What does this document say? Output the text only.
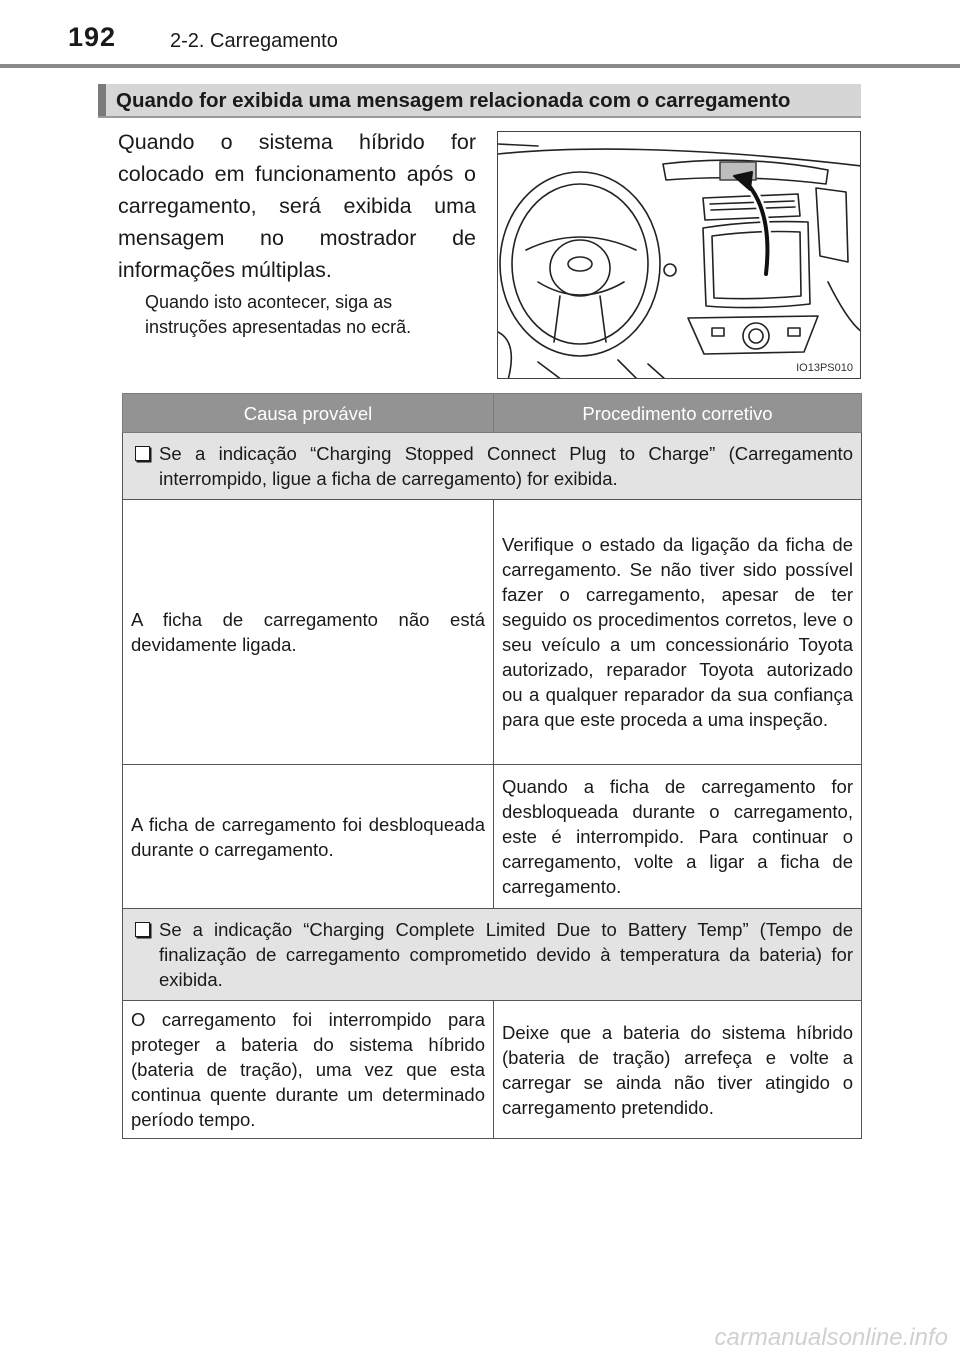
192	2-2. Carregamento
Quando for exibida uma mensagem relacionada com o carregamento
Quando o sistema híbrido for colocado em funcionamento após o carregamento, será exibida uma mensagem no mostrador de informações múltiplas.
Quando isto acontecer, siga as instruções apresentadas no ecrã.
IO13PS010
Causa provável	Procedimento corretivo

Se a indicação “Charging Stopped Connect Plug to Charge” (Carregamento interrompido, ligue a ficha de carregamento) for exibida.	

A ficha de carregamento não está devidamente ligada.	Verifique o estado da ligação da ficha de carregamento. Se não tiver sido possível fazer o carregamento, apesar de ter seguido os procedimentos corretos, leve o seu veículo a um concessionário Toyota autorizado, reparador Toyota autorizado ou a qualquer reparador da sua confiança para que este proceda a uma inspeção.
A ficha de carregamento foi desbloqueada durante o carregamento.	Quando a ficha de carregamento for desbloqueada durante o carregamento, este é interrompido. Para continuar o carregamento, volte a ligar a ficha de carregamento.

Se a indicação “Charging Complete Limited Due to Battery Temp” (Tempo de finalização de carregamento comprometido devido à temperatura da bateria) for exibida.	

O carregamento foi interrompido para proteger a bateria do sistema híbrido (bateria de tração), uma vez que esta continua quente durante um determinado período tempo.	Deixe que a bateria do sistema híbrido (bateria de tração) arrefeça e volte a carregar se ainda não tiver atingido o carregamento pretendido.
carmanualsonline.info
